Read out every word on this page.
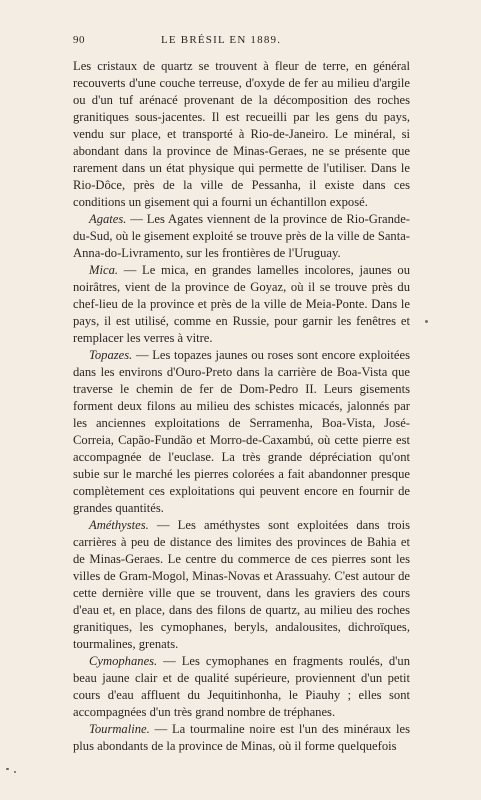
90	LE BRÉSIL EN 1889.

Les cristaux de quartz se trouvent à fleur de terre, en général recouverts d'une couche terreuse, d'oxyde de fer au milieu d'argile ou d'un tuf arénacé provenant de la décomposition des roches granitiques sous-jacentes. Il est recueilli par les gens du pays, vendu sur place, et transporté à Rio-de-Janeiro. Le minéral, si abondant dans la province de Minas-Geraes, ne se présente que rarement dans un état physique qui permette de l'utiliser. Dans le Rio-Dôce, près de la ville de Pessanha, il existe dans ces conditions un gisement qui a fourni un échantillon exposé.

Agates. — Les Agates viennent de la province de Rio-Grande-du-Sud, où le gisement exploité se trouve près de la ville de Santa-Anna-do-Livramento, sur les frontières de l'Uruguay.

Mica. — Le mica, en grandes lamelles incolores, jaunes ou noirâtres, vient de la province de Goyaz, où il se trouve près du chef-lieu de la province et près de la ville de Meia-Ponte. Dans le pays, il est utilisé, comme en Russie, pour garnir les fenêtres et remplacer les verres à vitre.

Topazes. — Les topazes jaunes ou roses sont encore exploitées dans les environs d'Ouro-Preto dans la carrière de Boa-Vista que traverse le chemin de fer de Dom-Pedro II. Leurs gisements forment deux filons au milieu des schistes micacés, jalonnés par les anciennes exploitations de Serramenha, Boa-Vista, José-Correia, Capão-Fundão et Morro-de-Caxambú, où cette pierre est accompagnée de l'euclase. La très grande dépréciation qu'ont subie sur le marché les pierres colorées a fait abandonner presque complètement ces exploitations qui peuvent encore en fournir de grandes quantités.

Améthystes. — Les améthystes sont exploitées dans trois carrières à peu de distance des limites des provinces de Bahia et de Minas-Geraes. Le centre du commerce de ces pierres sont les villes de Gram-Mogol, Minas-Novas et Arassuahy. C'est autour de cette dernière ville que se trouvent, dans les graviers des cours d'eau et, en place, dans des filons de quartz, au milieu des roches granitiques, les cymophanes, beryls, andalousites, dichroïques, tourmalines, grenats.

Cymophanes. — Les cymophanes en fragments roulés, d'un beau jaune clair et de qualité supérieure, proviennent d'un petit cours d'eau affluent du Jequitinhonha, le Piauhy ; elles sont accompagnées d'un très grand nombre de tréphanes.

Tourmaline. — La tourmaline noire est l'un des minéraux les plus abondants de la province de Minas, où il forme quelquefois
